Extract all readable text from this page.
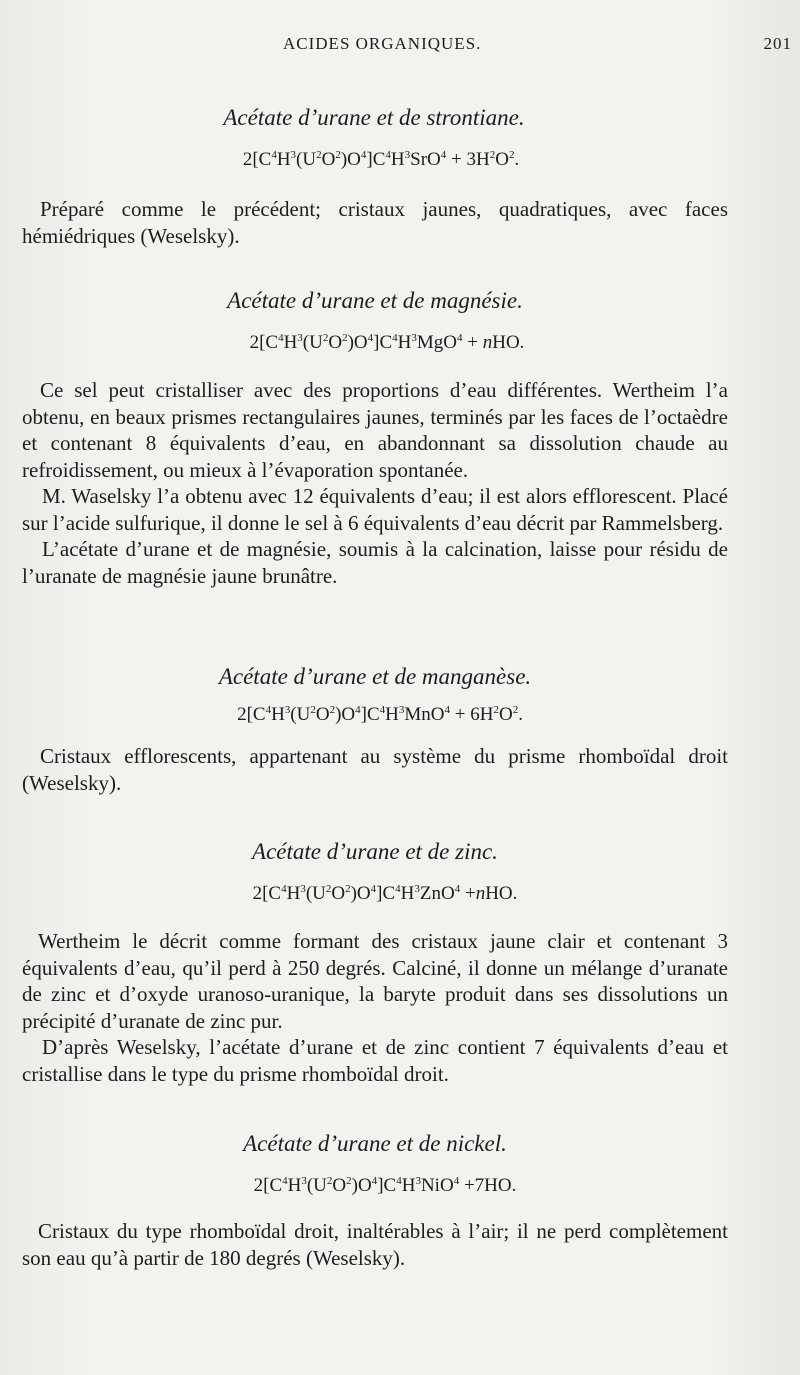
ACIDES ORGANIQUES.	201
Acétate d’urane et de strontiane.
$2[C^4H^3(U^2O^2)O^4]C^4H^3SrO^4 + 3H^2O^2$.
Préparé comme le précédent; cristaux jaunes, quadratiques, avec faces hémiédriques (Weselsky).
Acétate d’urane et de magnésie.
$2[C^4H^3(U^2O^2)O^4]C^4H^3MgO^4$ + nHO.
Ce sel peut cristalliser avec des proportions d’eau différentes. Wertheim l’a obtenu, en beaux prismes rectangulaires jaunes, terminés par les faces de l’octaèdre et contenant 8 équivalents d’eau, en abandonnant sa dissolution chaude au refroidissement, ou mieux à l’évaporation spontanée.
M. Waselsky l’a obtenu avec 12 équivalents d’eau; il est alors efflorescent. Placé sur l’acide sulfurique, il donne le sel à 6 équivalents d’eau décrit par Rammelsberg.
L’acétate d’urane et de magnésie, soumis à la calcination, laisse pour résidu de l’uranate de magnésie jaune brunâtre.
Acétate d’urane et de manganèse.
$2[C^4H^3(U^2O^2)O^4]C^4H^3MnO^4 + 6H^2O^2$.
Cristaux efflorescents, appartenant au système du prisme rhomboïdal droit (Weselsky).
Acétate d’urane et de zinc.
$2[C^4H^3(U^2O^2)O^4]C^4H^3ZnO^4 +nHO$.
Wertheim le décrit comme formant des cristaux jaune clair et contenant 3 équivalents d’eau, qu’il perd à 250 degrés. Calciné, il donne un mélange d’uranate de zinc et d’oxyde uranoso-uranique, la baryte produit dans ses dissolutions un précipité d’uranate de zinc pur.
D’après Weselsky, l’acétate d’urane et de zinc contient 7 équivalents d’eau et cristallise dans le type du prisme rhomboïdal droit.
Acétate d’urane et de nickel.
$2[C^4H^3(U^2O^2)O^4]C^4H^3NiO^4 +7HO$.
Cristaux du type rhomboïdal droit, inaltérables à l’air; il ne perd complètement son eau qu’à partir de 180 degrés (Weselsky).
